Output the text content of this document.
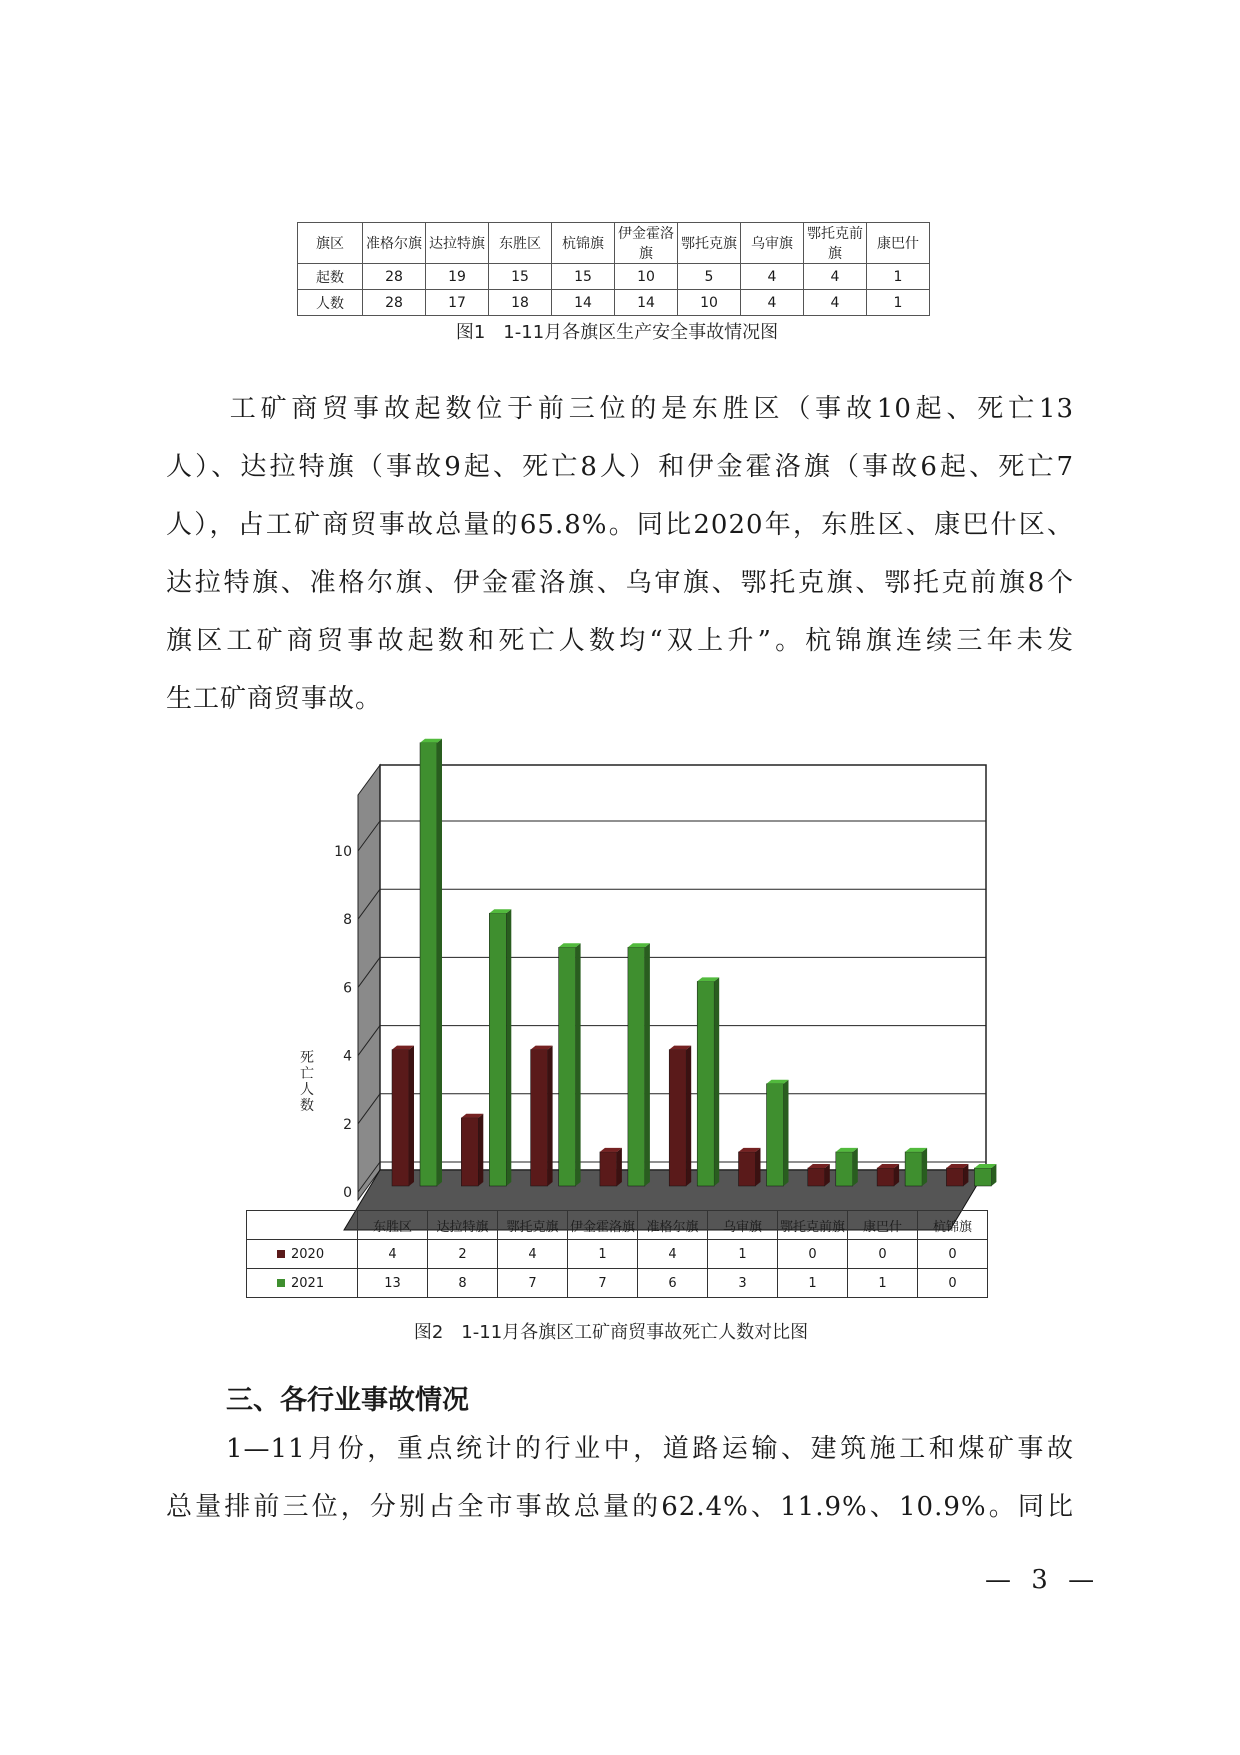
旗区	准格尔旗	达拉特旗	东胜区	杭锦旗	伊金霍洛旗	鄂托克旗	乌审旗	鄂托克前旗	康巴什
起数	28	19	15	15	10	5	4	4	1
人数	28	17	18	14	14	10	4	4	1
图1　1-11月各旗区生产安全事故情况图
工矿商贸事故起数位于前三位的是东胜区（事故10起、死亡13
人）、达拉特旗（事故9起、死亡8人）和伊金霍洛旗（事故6起、死亡7
人），占工矿商贸事故总量的65.8%。同比2020年，东胜区、康巴什区、
达拉特旗、准格尔旗、伊金霍洛旗、乌审旗、鄂托克旗、鄂托克前旗8个
旗区工矿商贸事故起数和死亡人数均“双上升”。杭锦旗连续三年未发
生工矿商贸事故。
0
2
4
6
8
10
死亡人数
	东胜区	达拉特旗	鄂托克旗	伊金霍洛旗	准格尔旗	乌审旗	鄂托克前旗	康巴什	杭锦旗
2020	4	2	4	1	4	1	0	0	0
2021	13	8	7	7	6	3	1	1	0
图2　1-11月各旗区工矿商贸事故死亡人数对比图
三、各行业事故情况
1—11月份，重点统计的行业中，道路运输、建筑施工和煤矿事故
总量排前三位，分别占全市事故总量的62.4%、11.9%、10.9%。同比
— 3 —
